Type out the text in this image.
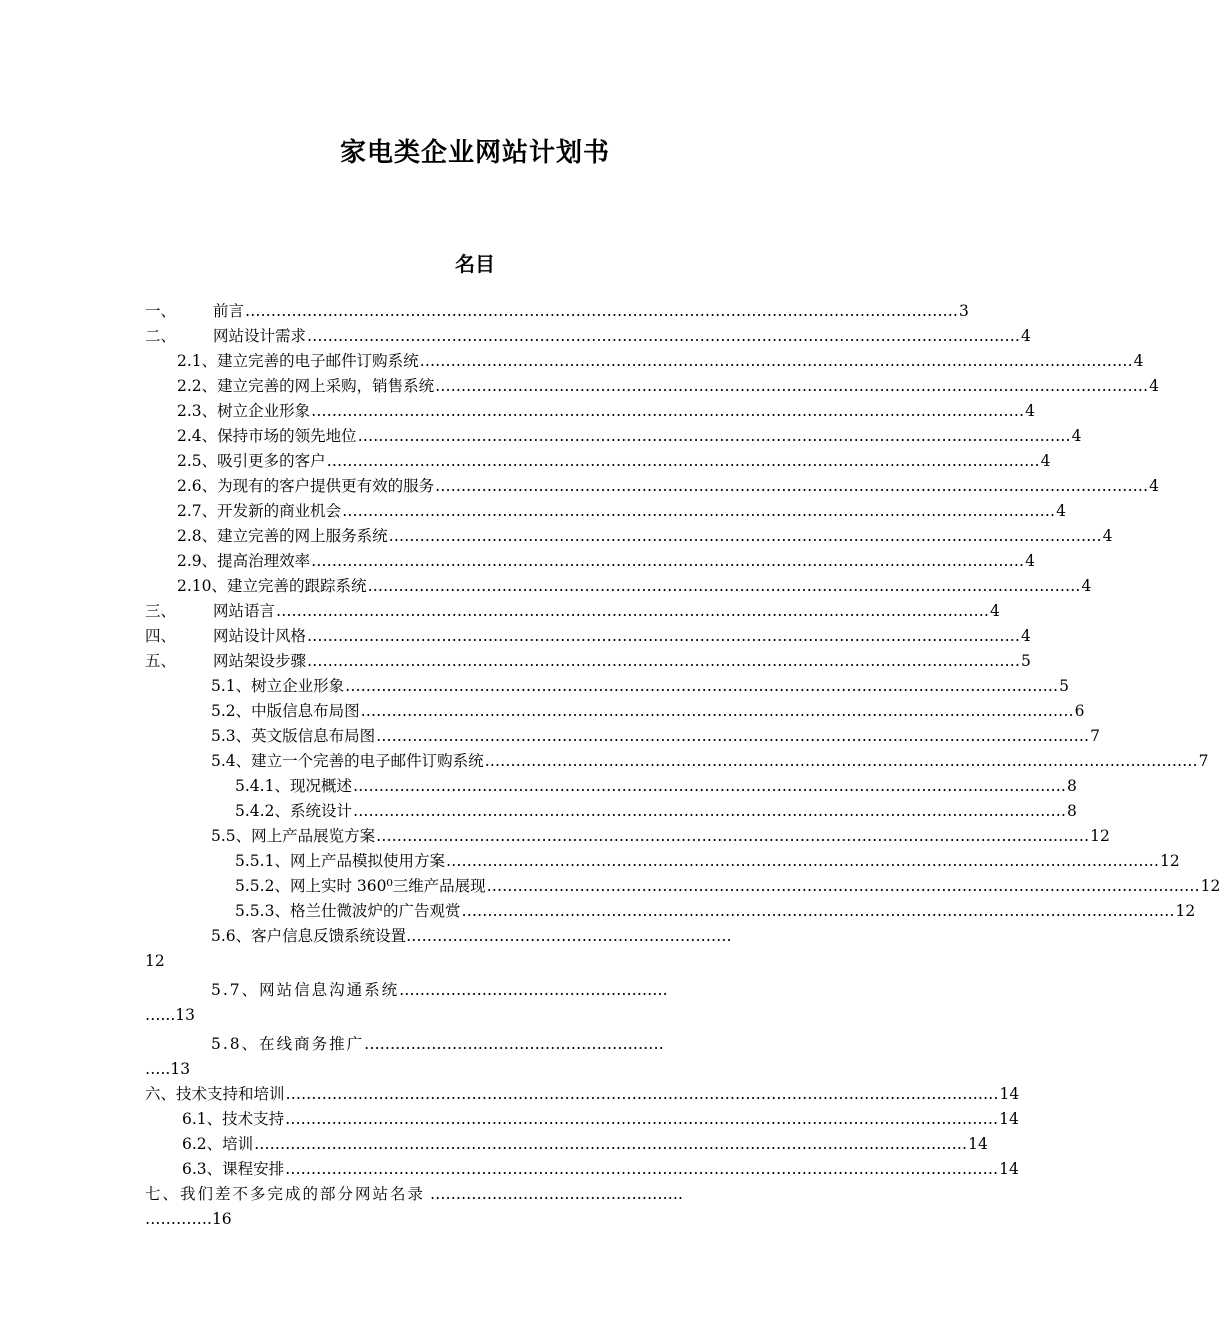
家电类企业网站计划书
名目
一、 前言 ………………………………………………………………………………………………………………………… 3
二、 网站设计需求 ………………………………………………………………………………………………………………………… 4
2.1、建立完善的电子邮件订购系统 ………………………………………………………………………………………………………………………… 4
2.2、建立完善的网上采购，销售系统 ………………………………………………………………………………………………………………………… 4
2.3、树立企业形象 ………………………………………………………………………………………………………………………… 4
2.4、保持市场的领先地位 ………………………………………………………………………………………………………………………… 4
2.5、吸引更多的客户 ………………………………………………………………………………………………………………………… 4
2.6、为现有的客户提供更有效的服务 ………………………………………………………………………………………………………………………… 4
2.7、开发新的商业机会 ………………………………………………………………………………………………………………………… 4
2.8、建立完善的网上服务系统 ………………………………………………………………………………………………………………………… 4
2.9、提高治理效率 ………………………………………………………………………………………………………………………… 4
2.10、建立完善的跟踪系统 ………………………………………………………………………………………………………………………… 4
三、 网站语言 ………………………………………………………………………………………………………………………… 4
四、 网站设计风格 ………………………………………………………………………………………………………………………… 4
五、 网站架设步骤 ………………………………………………………………………………………………………………………… 5
5.1、树立企业形象 ………………………………………………………………………………………………………………………… 5
5.2、中版信息布局图 ………………………………………………………………………………………………………………………… 6
5.3、英文版信息布局图 ………………………………………………………………………………………………………………………… 7
5.4、建立一个完善的电子邮件订购系统 ………………………………………………………………………………………………………………………… 7
5.4.1、现况概述 ………………………………………………………………………………………………………………………… 8
5.4.2、系统设计 ………………………………………………………………………………………………………………………… 8
5.5、网上产品展览方案 ………………………………………………………………………………………………………………………… 12
5.5.1、网上产品模拟使用方案 ………………………………………………………………………………………………………………………… 12
5.5.2、网上实时 360⁰三维产品展现 ………………………………………………………………………………………………………………………… 12
5.5.3、格兰仕微波炉的广告观赏 ………………………………………………………………………………………………………………………… 12
5.6、客户信息反馈系统设置………………………………………………………
12
5.7、网站信息沟通系统…………………………………………….
…...13
5.8、在线商务推广………………………………………………….
…..13
六、技术支持和培训 ………………………………………………………………………………………………………………………… 14
6.1、技术支持 ………………………………………………………………………………………………………………………… 14
6.2、培训 ………………………………………………………………………………………………………………………… 14
6.3、课程安排 ………………………………………………………………………………………………………………………… 14
七、我们差不多完成的部分网站名录 ………………………………………….
………….16
